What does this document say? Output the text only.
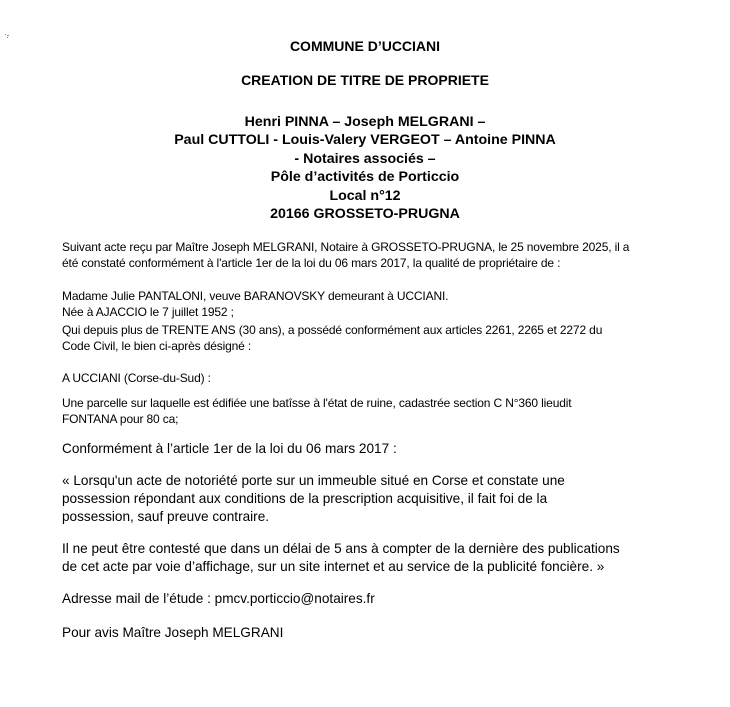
COMMUNE D’UCCIANI
CREATION DE TITRE DE PROPRIETE
Henri PINNA – Joseph MELGRANI –
Paul CUTTOLI - Louis-Valery VERGEOT – Antoine PINNA
- Notaires associés –
Pôle d’activités de Porticcio
Local n°12
20166 GROSSETO-PRUGNA
Suivant acte reçu par Maître Joseph MELGRANI, Notaire à GROSSETO-PRUGNA, le 25 novembre 2025, il a
été constaté conformément à l'article 1er de la loi du 06 mars 2017, la qualité de propriétaire de :
Madame Julie PANTALONI, veuve BARANOVSKY demeurant à UCCIANI.
Née à AJACCIO le 7 juillet 1952 ;
Qui depuis plus de TRENTE ANS (30 ans), a possédé conformément aux articles 2261, 2265 et 2272 du
Code Civil, le bien ci-après désigné :
A UCCIANI (Corse-du-Sud) :
Une parcelle sur laquelle est édifiée une batîsse à l'état de ruine, cadastrée section C N°360 lieudit
FONTANA pour 80 ca;
Conformément à l’article 1er de la loi du 06 mars 2017 :
« Lorsqu'un acte de notoriété porte sur un immeuble situé en Corse et constate une
possession répondant aux conditions de la prescription acquisitive, il fait foi de la
possession, sauf preuve contraire.
Il ne peut être contesté que dans un délai de 5 ans à compter de la dernière des publications
de cet acte par voie d’affichage, sur un site internet et au service de la publicité foncière. »
Adresse mail de l’étude : pmcv.porticcio@notaires.fr
Pour avis Maître Joseph MELGRANI
